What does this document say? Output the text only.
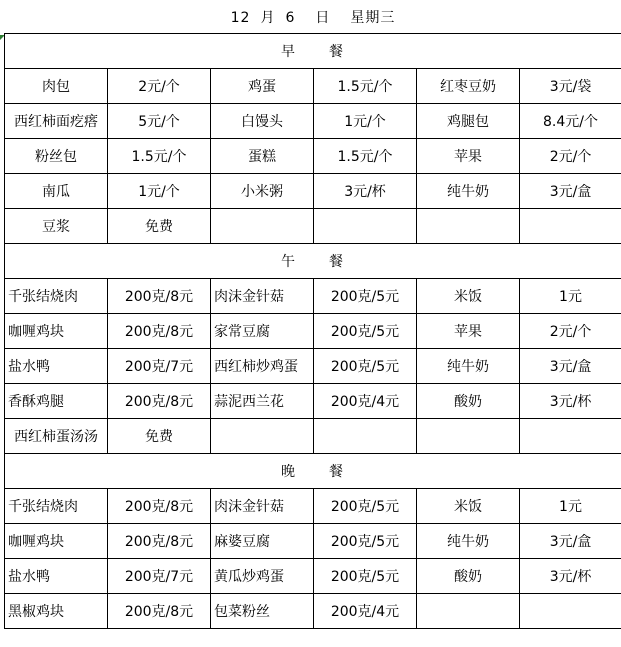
12 月 6 日 星期三					
早　　餐					
肉包	2元/个	鸡蛋	1.5元/个	红枣豆奶	3元/袋
西红柿面疙瘩	5元/个	白馒头	1元/个	鸡腿包	8.4元/个
粉丝包	1.5元/个	蛋糕	1.5元/个	苹果	2元/个
南瓜	1元/个	小米粥	3元/杯	纯牛奶	3元/盒
豆浆	免费				
午　　餐					
千张结烧肉	200克/8元	肉沫金针菇	200克/5元	米饭	1元
咖喱鸡块	200克/8元	家常豆腐	200克/5元	苹果	2元/个
盐水鸭	200克/7元	西红柿炒鸡蛋	200克/5元	纯牛奶	3元/盒
香酥鸡腿	200克/8元	蒜泥西兰花	200克/4元	酸奶	3元/杯
西红柿蛋汤汤	免费				
晚　　餐					
千张结烧肉	200克/8元	肉沫金针菇	200克/5元	米饭	1元
咖喱鸡块	200克/8元	麻婆豆腐	200克/5元	纯牛奶	3元/盒
盐水鸭	200克/7元	黄瓜炒鸡蛋	200克/5元	酸奶	3元/杯
黑椒鸡块	200克/8元	包菜粉丝	200克/4元		
